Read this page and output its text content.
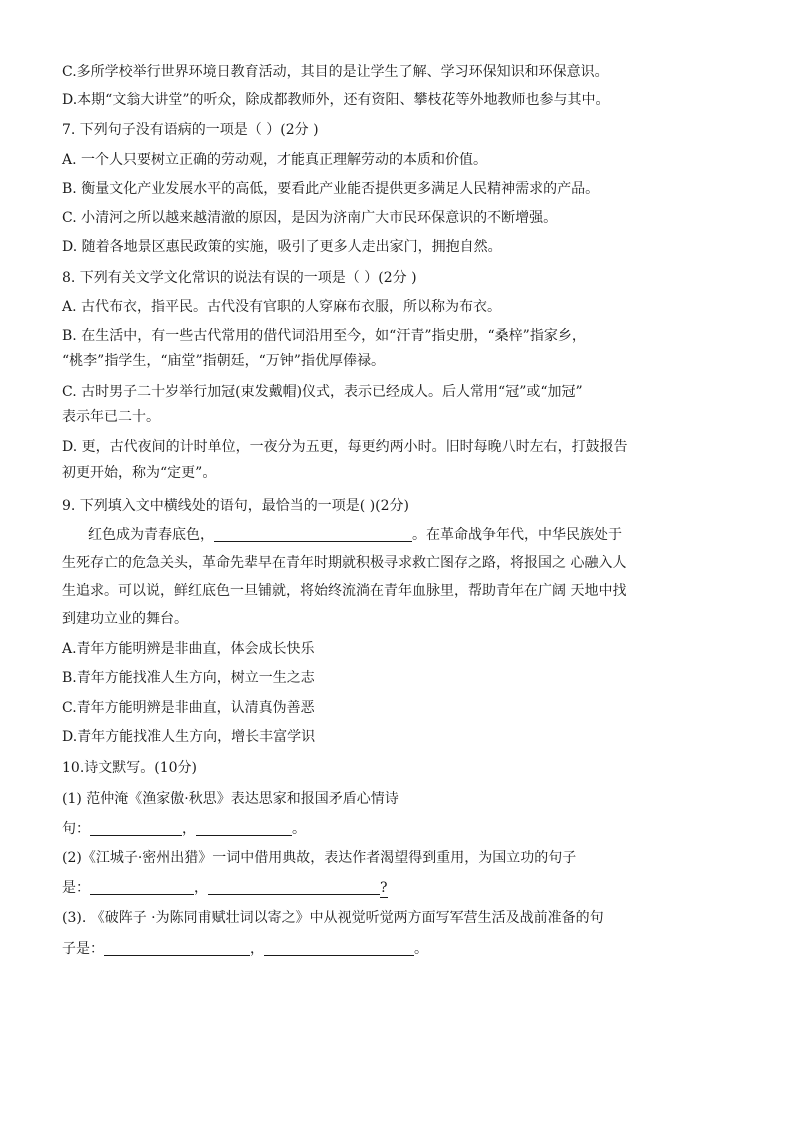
C.多所学校举行世界环境日教育活动，其目的是让学生了解、学习环保知识和环保意识。
D.本期“文翁大讲堂”的听众，除成都教师外，还有资阳、攀枝花等外地教师也参与其中。
7. 下列句子没有语病的一项是（ ）(2分 )
A. 一个人只要树立正确的劳动观，才能真正理解劳动的本质和价值。
B. 衡量文化产业发展水平的高低，要看此产业能否提供更多满足人民精神需求的产品。
C. 小清河之所以越来越清澈的原因，是因为济南广大市民环保意识的不断增强。
D. 随着各地景区惠民政策的实施，吸引了更多人走出家门，拥抱自然。
8. 下列有关文学文化常识的说法有误的一项是（ ）(2分 )
A. 古代布衣，指平民。古代没有官职的人穿麻布衣服，所以称为布衣。
B. 在生活中，有一些古代常用的借代词沿用至今，如“汗青”指史册，“桑梓”指家乡，
“桃李”指学生，“庙堂”指朝廷，“万钟”指优厚俸禄。
C. 古时男子二十岁举行加冠(束发戴帽)仪式，表示已经成人。后人常用“冠”或“加冠”
表示年已二十。
D. 更，古代夜间的计时单位，一夜分为五更，每更约两小时。旧时每晚八时左右，打鼓报告
初更开始，称为“定更”。
9. 下列填入文中横线处的语句，最恰当的一项是( )(2分)
红色成为青春底色，	。在革命战争年代，中华民族处于
生死存亡的危急关头，革命先辈早在青年时期就积极寻求救亡图存之路，将报国之 心融入人
生追求。可以说，鲜红底色一旦铺就，将始终流淌在青年血脉里，帮助青年在广阔 天地中找
到建功立业的舞台。
A.青年方能明辨是非曲直，体会成长快乐
B.青年方能找准人生方向，树立一生之志
C.青年方能明辨是非曲直，认清真伪善恶
D.青年方能找准人生方向，增长丰富学识
10.诗文默写。(10分)
(1) 范仲淹《渔家傲·秋思》表达思家和报国矛盾心情诗
句：	，	。
(2)《江城子·密州出猎》一词中借用典故，表达作者渴望得到重用，为国立功的句子
是：	，	?
(3). 《破阵子 ·为陈同甫赋壮词以寄之》中从视觉听觉两方面写军营生活及战前准备的句
子是：	，	。
